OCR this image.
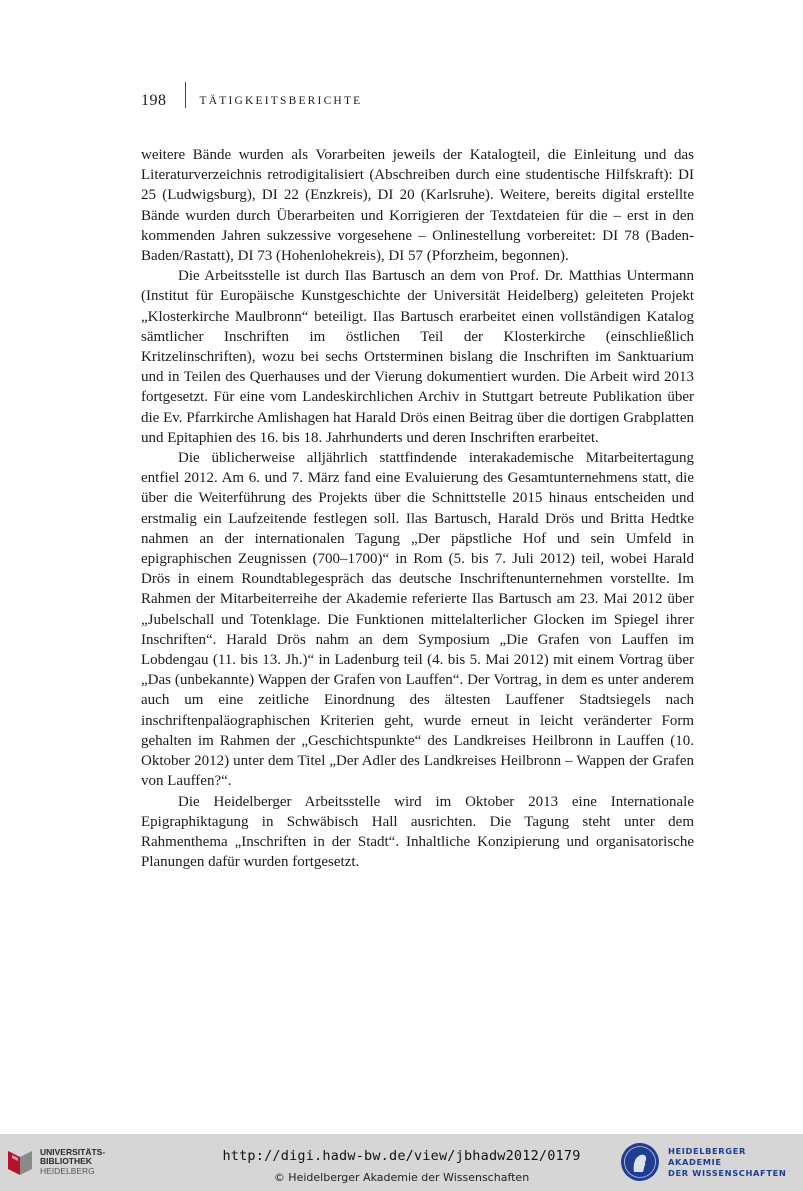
198	TÄTIGKEITSBERICHTE

weitere Bände wurden als Vorarbeiten jeweils der Katalogteil, die Einleitung und das Literaturverzeichnis retrodigitalisiert (Abschreiben durch eine studentische Hilfskraft): DI 25 (Ludwigsburg), DI 22 (Enzkreis), DI 20 (Karlsruhe). Weitere, bereits digital erstellte Bände wurden durch Überarbeiten und Korrigieren der Textdateien für die – erst in den kommenden Jahren sukzessive vorgesehene – Onlinestellung vorbereitet: DI 78 (Baden-Baden/Rastatt), DI 73 (Hohenlohekreis), DI 57 (Pforzheim, begonnen).

Die Arbeitsstelle ist durch Ilas Bartusch an dem von Prof. Dr. Matthias Untermann (Institut für Europäische Kunstgeschichte der Universität Heidelberg) geleiteten Projekt „Klosterkirche Maulbronn“ beteiligt. Ilas Bartusch erarbeitet einen vollständigen Katalog sämtlicher Inschriften im östlichen Teil der Klosterkirche (einschließlich Kritzelinschriften), wozu bei sechs Ortsterminen bislang die Inschriften im Sanktuarium und in Teilen des Querhauses und der Vierung dokumentiert wurden. Die Arbeit wird 2013 fortgesetzt. Für eine vom Landeskirchlichen Archiv in Stuttgart betreute Publikation über die Ev. Pfarrkirche Amlishagen hat Harald Drös einen Beitrag über die dortigen Grabplatten und Epitaphien des 16. bis 18. Jahrhunderts und deren Inschriften erarbeitet.

Die üblicherweise alljährlich stattfindende interakademische Mitarbeitertagung entfiel 2012. Am 6. und 7. März fand eine Evaluierung des Gesamtunternehmens statt, die über die Weiterführung des Projekts über die Schnittstelle 2015 hinaus entscheiden und erstmalig ein Laufzeitende festlegen soll. Ilas Bartusch, Harald Drös und Britta Hedtke nahmen an der internationalen Tagung „Der päpstliche Hof und sein Umfeld in epigraphischen Zeugnissen (700–1700)“ in Rom (5. bis 7. Juli 2012) teil, wobei Harald Drös in einem Roundtablegespräch das deutsche Inschriftenunternehmen vorstellte. Im Rahmen der Mitarbeiterreihe der Akademie referierte Ilas Bartusch am 23. Mai 2012 über „Jubelschall und Totenklage. Die Funktionen mittelalterlicher Glocken im Spiegel ihrer Inschriften“. Harald Drös nahm an dem Symposium „Die Grafen von Lauffen im Lobdengau (11. bis 13. Jh.)“ in Ladenburg teil (4. bis 5. Mai 2012) mit einem Vortrag über „Das (unbekannte) Wappen der Grafen von Lauffen“. Der Vortrag, in dem es unter anderem auch um eine zeitliche Einordnung des ältesten Lauffener Stadtsiegels nach inschriftenpaläographischen Kriterien geht, wurde erneut in leicht veränderter Form gehalten im Rahmen der „Geschichtspunkte“ des Landkreises Heilbronn in Lauffen (10. Oktober 2012) unter dem Titel „Der Adler des Landkreises Heilbronn – Wappen der Grafen von Lauffen?“.

Die Heidelberger Arbeitsstelle wird im Oktober 2013 eine Internationale Epigraphiktagung in Schwäbisch Hall ausrichten. Die Tagung steht unter dem Rahmenthema „Inschriften in der Stadt“. Inhaltliche Konzipierung und organisatorische Planungen dafür wurden fortgesetzt.

UNIVERSITÄTS-
BIBLIOTHEK
HEIDELBERG
http://digi.hadw-bw.de/view/jbhadw2012/0179
© Heidelberger Akademie der Wissenschaften
HEIDELBERGER AKADEMIE
DER WISSENSCHAFTEN
